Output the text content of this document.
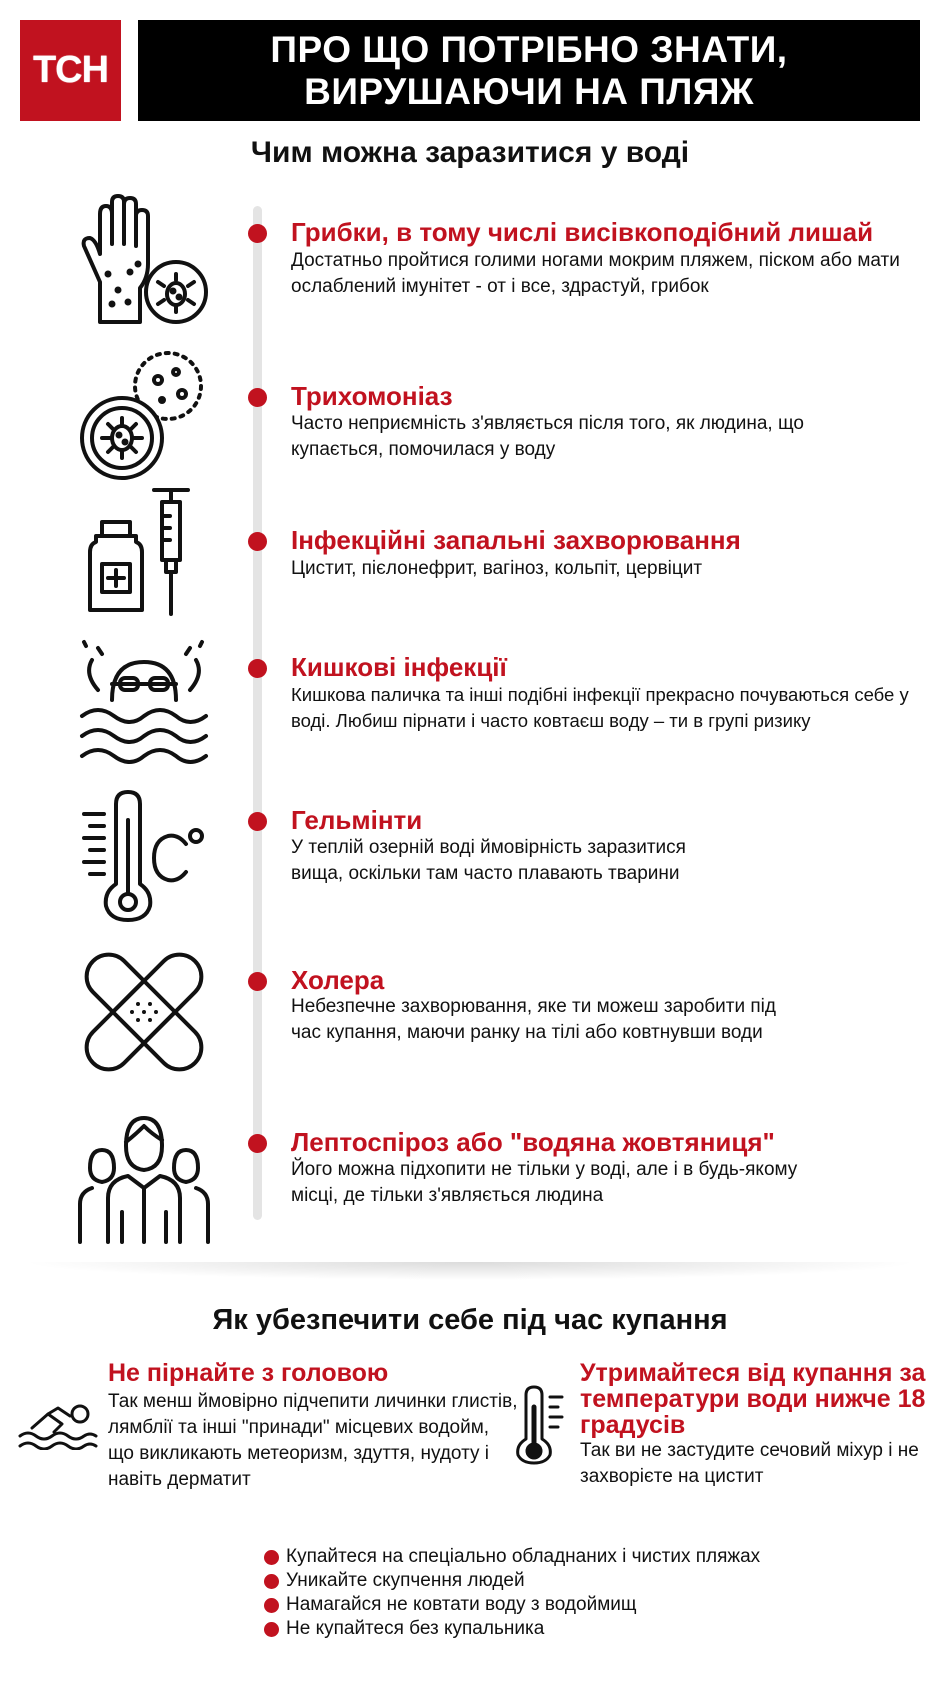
ТСН	ПРО ЩО ПОТРІБНО ЗНАТИ,
ВИРУШАЮЧИ НА ПЛЯЖ
Чим можна заразитися у воді
Грибки, в тому числі висівкоподібний лишай
Достатньо пройтися голими ногами мокрим пляжем, піском або мати ослаблений імунітет - от і все, здрастуй, грибок
Трихомоніаз
Часто неприємність з'являється після того, як людина, що купається, помочилася у воду
Інфекційні запальні захворювання
Цистит, пієлонефрит, вагіноз, кольпіт, цервіцит
Кишкові інфекції
Кишкова паличка та інші подібні інфекції прекрасно почуваються себе у воді. Любиш пірнати і часто ковтаєш воду – ти в групі ризику
Гельмінти
У теплій озерній воді ймовірність заразитися вища, оскільки там часто плавають тварини
Холера
Небезпечне захворювання, яке ти можеш заробити під час купання, маючи ранку на тілі або ковтнувши води
Лептоспіроз або "водяна жовтяниця"
Його можна підхопити не тільки у воді, але і в будь-якому місці, де тільки з'являється людина
Як убезпечити себе під час купання
Не пірнайте з головою
Так менш ймовірно підчепити личинки глистів, лямблії та інші "принади" місцевих водойм, що викликають метеоризм, здуття, нудоту і навіть дерматит
Утримайтеся від купання за температури води нижче 18 градусів
Так ви не застудите сечовий міхур і не захворієте на цистит
Купайтеся на спеціально обладнаних і чистих пляжах
Уникайте скупчення людей
Намагайся не ковтати воду з водоймищ
Не купайтеся без купальника
